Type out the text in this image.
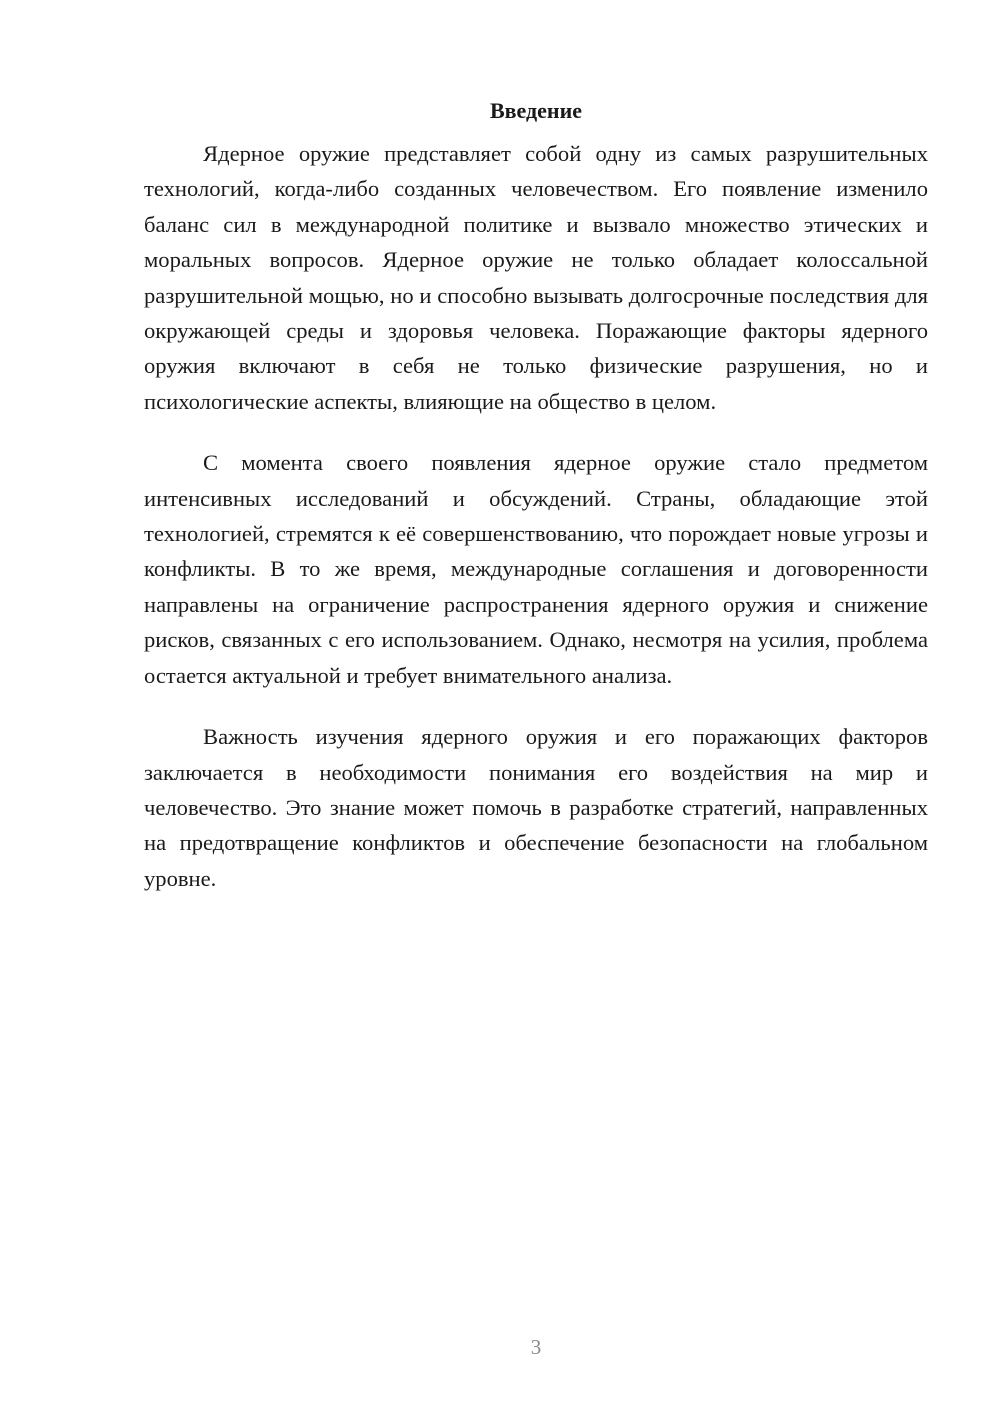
Введение

Ядерное оружие представляет собой одну из самых разрушительных технологий, когда-либо созданных человечеством. Его появление изменило баланс сил в международной политике и вызвало множество этических и моральных вопросов. Ядерное оружие не только обладает колоссальной разрушительной мощью, но и способно вызывать долгосрочные последствия для окружающей среды и здоровья человека. Поражающие факторы ядерного оружия включают в себя не только физические разрушения, но и психологические аспекты, влияющие на общество в целом.

С момента своего появления ядерное оружие стало предметом интенсивных исследований и обсуждений. Страны, обладающие этой технологией, стремятся к её совершенствованию, что порождает новые угрозы и конфликты. В то же время, международные соглашения и договоренности направлены на ограничение распространения ядерного оружия и снижение рисков, связанных с его использованием. Однако, несмотря на усилия, проблема остается актуальной и требует внимательного анализа.

Важность изучения ядерного оружия и его поражающих факторов заключается в необходимости понимания его воздействия на мир и человечество. Это знание может помочь в разработке стратегий, направленных на предотвращение конфликтов и обеспечение безопасности на глобальном уровне.

3
